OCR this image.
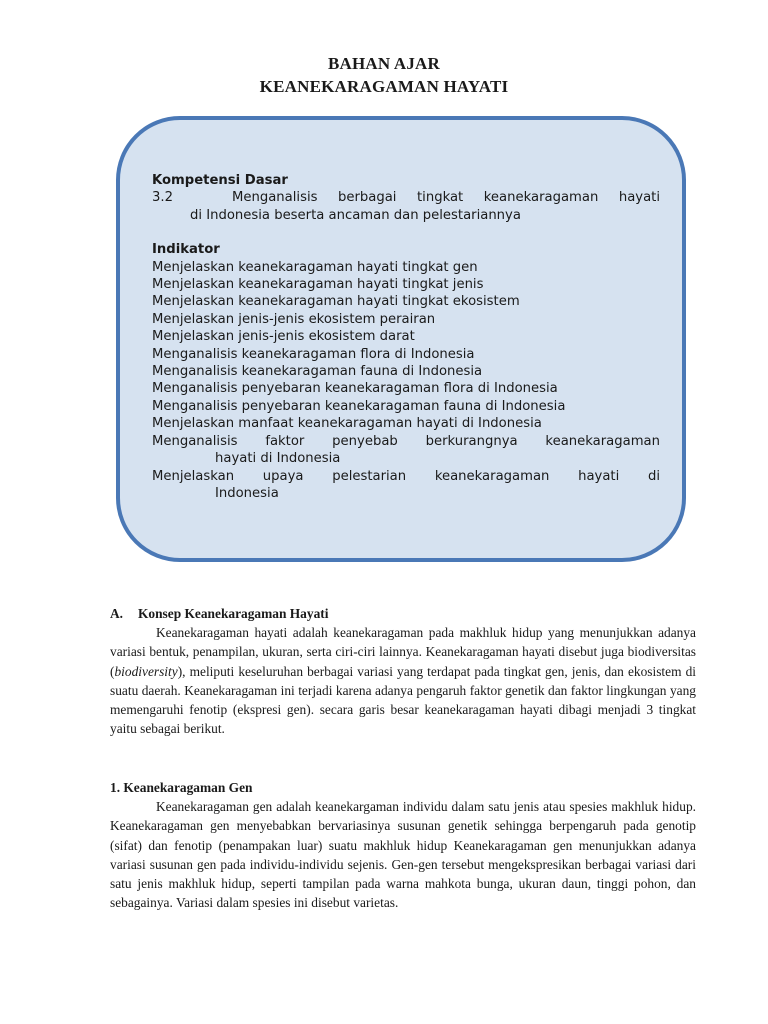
BAHAN AJAR
KEANEKARAGAMAN HAYATI
Kompetensi Dasar
3.2	Menganalisis berbagai tingkat keanekaragaman hayati
di Indonesia beserta ancaman dan pelestariannya
Indikator
Menjelaskan keanekaragaman hayati tingkat gen
Menjelaskan keanekaragaman hayati tingkat jenis
Menjelaskan keanekaragaman hayati tingkat ekosistem
Menjelaskan jenis-jenis ekosistem perairan
Menjelaskan jenis-jenis ekosistem darat
Menganalisis keanekaragaman flora di Indonesia
Menganalisis keanekaragaman fauna di Indonesia
Menganalisis penyebaran keanekaragaman flora di Indonesia
Menganalisis penyebaran keanekaragaman fauna di Indonesia
Menjelaskan manfaat keanekaragaman hayati di Indonesia
Menganalisis faktor penyebab berkurangnya keanekaragaman
hayati di Indonesia
Menjelaskan upaya pelestarian keanekaragaman hayati di
Indonesia
A. Konsep Keanekaragaman Hayati

Keanekaragaman hayati adalah keanekaragaman pada makhluk hidup yang menunjukkan adanya variasi bentuk, penampilan, ukuran, serta ciri-ciri lainnya. Keanekaragaman hayati disebut juga biodiversitas (biodiversity), meliputi keseluruhan berbagai variasi yang terdapat pada tingkat gen, jenis, dan ekosistem di suatu daerah. Keanekaragaman ini terjadi karena adanya pengaruh faktor genetik dan faktor lingkungan yang memengaruhi fenotip (ekspresi gen). secara garis besar keanekaragaman hayati dibagi menjadi 3 tingkat yaitu sebagai berikut.

1. Keanekaragaman Gen

Keanekaragaman gen adalah keanekargaman individu dalam satu jenis atau spesies makhluk hidup. Keanekaragaman gen menyebabkan bervariasinya susunan genetik sehingga berpengaruh pada genotip (sifat) dan fenotip (penampakan luar) suatu makhluk hidup Keanekaragaman gen menunjukkan adanya variasi susunan gen pada individu-individu sejenis. Gen-gen tersebut mengekspresikan berbagai variasi dari satu jenis makhluk hidup, seperti tampilan pada warna mahkota bunga, ukuran daun, tinggi pohon, dan sebagainya. Variasi dalam spesies ini disebut varietas.
